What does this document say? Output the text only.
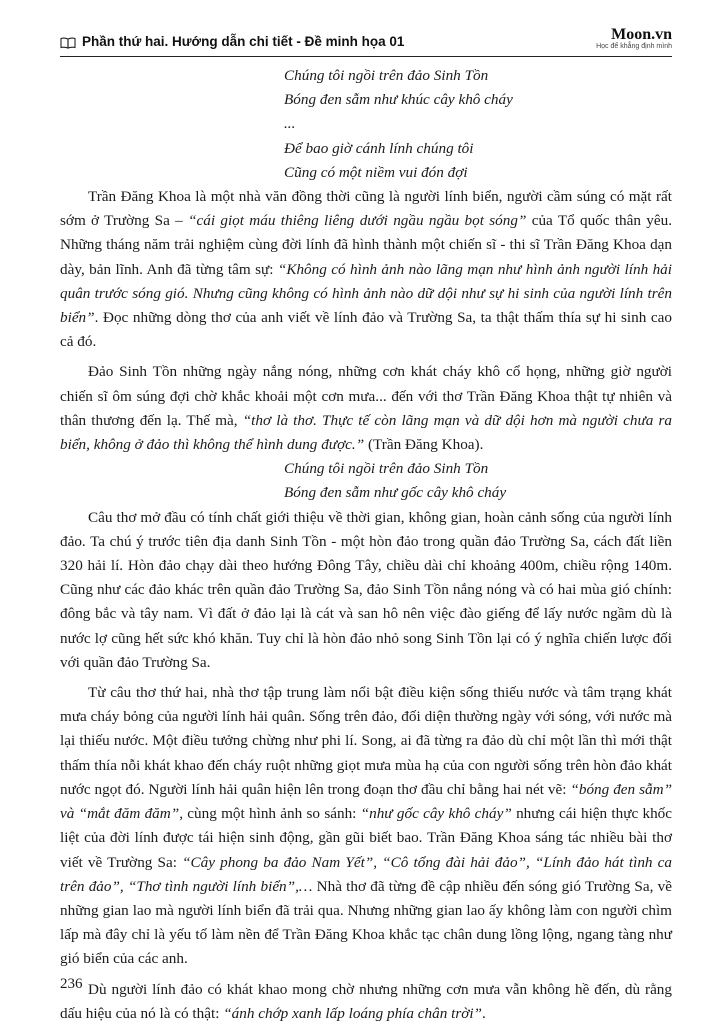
Phần thứ hai. Hướng dẫn chi tiết - Đề minh họa 01	Moon.vn
Học để khẳng định mình
Chúng tôi ngồi trên đảo Sinh Tồn
Bóng đen sẫm như khúc cây khô cháy
...
Để bao giờ cánh lính chúng tôi
Cũng có một niềm vui đón đợi

Trần Đăng Khoa là một nhà văn đồng thời cũng là người lính biển, người cầm súng có mặt rất sớm ở Trường Sa – “cái giọt máu thiêng liêng dưới ngầu ngầu bọt sóng” của Tổ quốc thân yêu. Những tháng năm trải nghiệm cùng đời lính đã hình thành một chiến sĩ - thi sĩ Trần Đăng Khoa dạn dày, bản lĩnh. Anh đã từng tâm sự: “Không có hình ảnh nào lãng mạn như hình ảnh người lính hải quân trước sóng gió. Nhưng cũng không có hình ảnh nào dữ dội như sự hi sinh của người lính trên biển”. Đọc những dòng thơ của anh viết về lính đảo và Trường Sa, ta thật thấm thía sự hi sinh cao cả đó.

Đảo Sinh Tồn những ngày nắng nóng, những cơn khát cháy khô cổ họng, những giờ người chiến sĩ ôm súng đợi chờ khắc khoải một cơn mưa... đến với thơ Trần Đăng Khoa thật tự nhiên và thân thương đến lạ. Thế mà, “thơ là thơ. Thực tế còn lãng mạn và dữ dội hơn mà người chưa ra biển, không ở đảo thì không thể hình dung được.” (Trần Đăng Khoa).

Chúng tôi ngồi trên đảo Sinh Tồn
Bóng đen sẫm như gốc cây khô cháy

Câu thơ mở đầu có tính chất giới thiệu về thời gian, không gian, hoàn cảnh sống của người lính đảo. Ta chú ý trước tiên địa danh Sinh Tồn - một hòn đảo trong quần đảo Trường Sa, cách đất liền 320 hải lí. Hòn đảo chạy dài theo hướng Đông Tây, chiều dài chỉ khoảng 400m, chiều rộng 140m. Cũng như các đảo khác trên quần đảo Trường Sa, đảo Sinh Tồn nắng nóng và có hai mùa gió chính: đông bắc và tây nam. Vì đất ở đảo lại là cát và san hô nên việc đào giếng để lấy nước ngầm dù là nước lợ cũng hết sức khó khăn. Tuy chỉ là hòn đảo nhỏ song Sinh Tồn lại có ý nghĩa chiến lược đối với quần đảo Trường Sa.

Từ câu thơ thứ hai, nhà thơ tập trung làm nổi bật điều kiện sống thiếu nước và tâm trạng khát mưa cháy bỏng của người lính hải quân. Sống trên đảo, đối diện thường ngày với sóng, với nước mà lại thiếu nước. Một điều tưởng chừng như phi lí. Song, ai đã từng ra đảo dù chỉ một lần thì mới thật thấm thía nỗi khát khao đến cháy ruột những giọt mưa mùa hạ của con người sống trên hòn đảo khát nước ngọt đó. Người lính hải quân hiện lên trong đoạn thơ đầu chỉ bằng hai nét vẽ: “bóng đen sẫm” và “mắt đăm đăm”, cùng một hình ảnh so sánh: “như gốc cây khô cháy” nhưng cái hiện thực khốc liệt của đời lính được tái hiện sinh động, gần gũi biết bao. Trần Đăng Khoa sáng tác nhiều bài thơ viết về Trường Sa: “Cây phong ba đảo Nam Yết”, “Cô tổng đài hải đảo”, “Lính đảo hát tình ca trên đảo”, “Thơ tình người lính biển”,… Nhà thơ đã từng đề cập nhiều đến sóng gió Trường Sa, về những gian lao mà người lính biển đã trải qua. Nhưng những gian lao ấy không làm con người chìm lấp mà đây chỉ là yếu tố làm nền để Trần Đăng Khoa khắc tạc chân dung lồng lộng, ngang tàng như gió biển của các anh.

Dù người lính đảo có khát khao mong chờ nhưng những cơn mưa vẫn không hề đến, dù rằng dấu hiệu của nó là có thật: “ánh chớp xanh lấp loáng phía chân trời”.

236
